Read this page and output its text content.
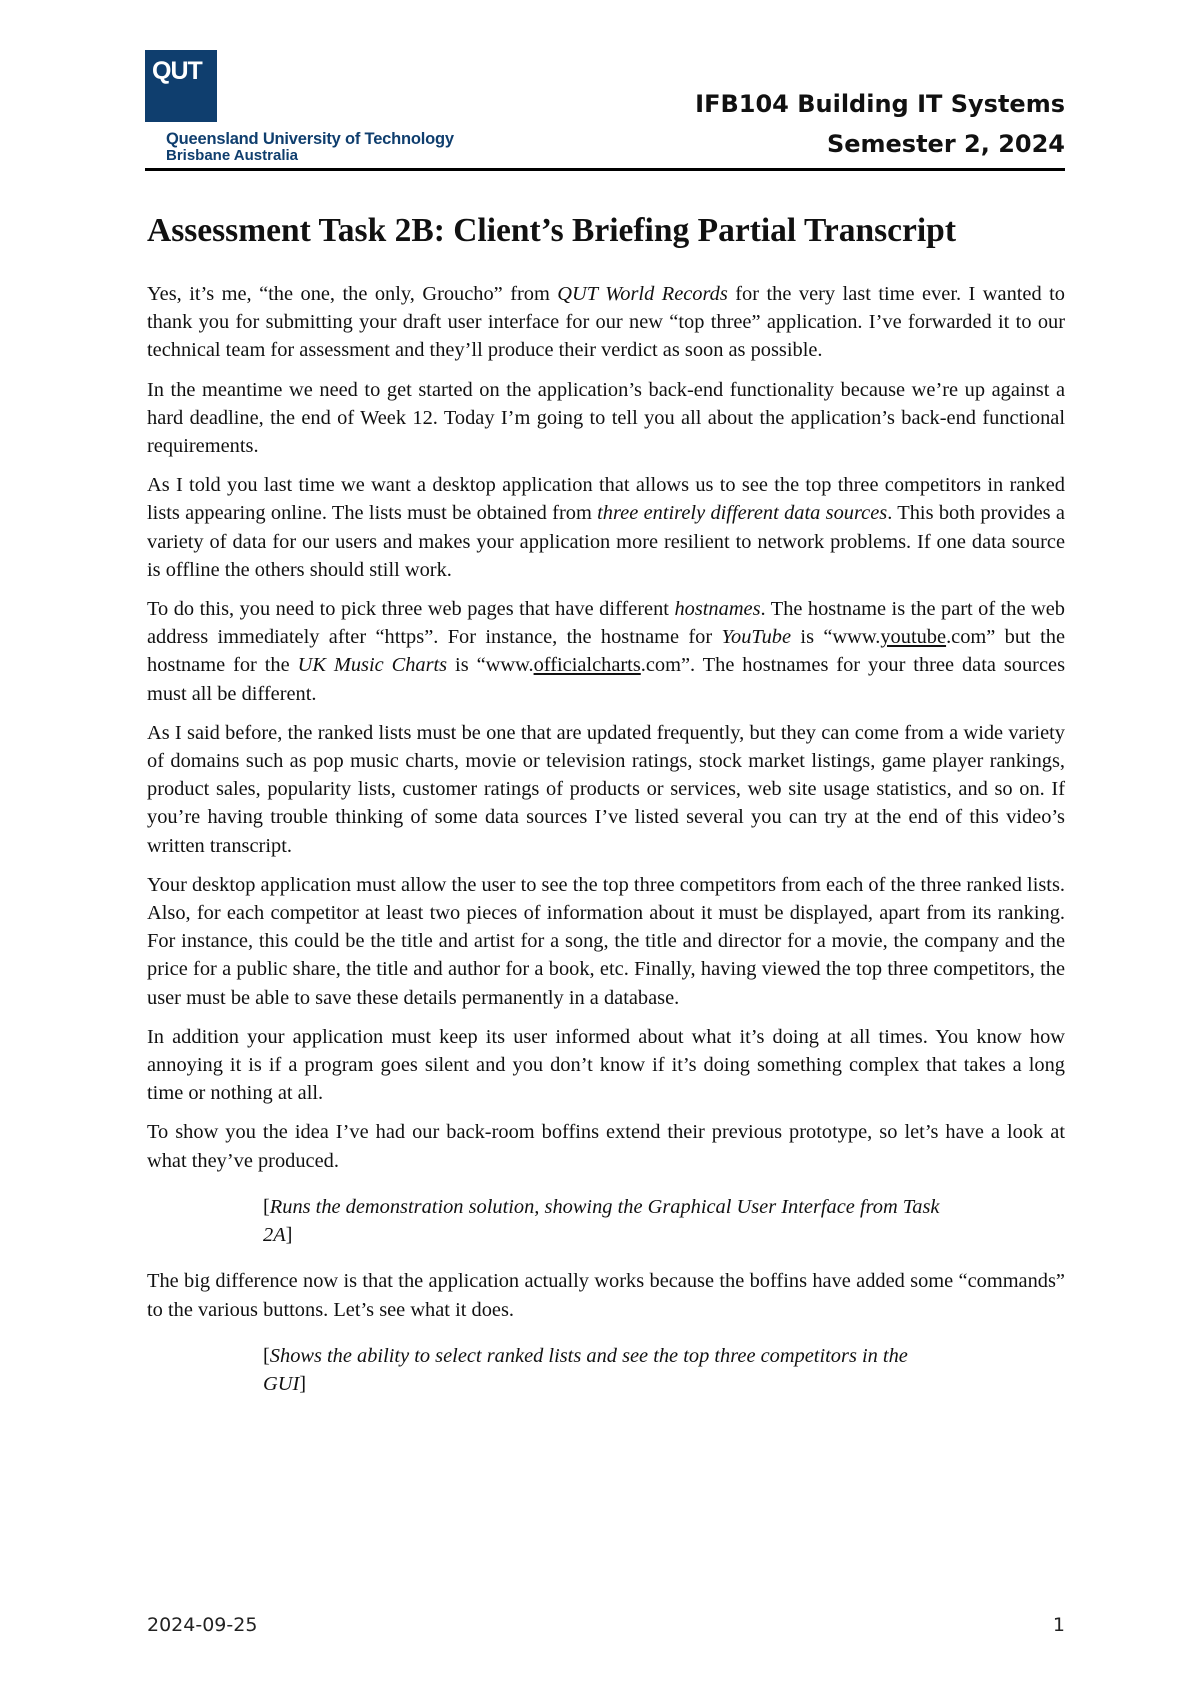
QUT
Queensland University of Technology
Brisbane Australia
IFB104 Building IT Systems
Semester 2, 2024
Assessment Task 2B: Client’s Briefing Partial Transcript

Yes, it’s me, “the one, the only, Groucho” from QUT World Records for the very last time ever. I wanted to thank you for submitting your draft user interface for our new “top three” application. I’ve forwarded it to our technical team for assessment and they’ll produce their verdict as soon as possible.

In the meantime we need to get started on the application’s back-end functionality because we’re up against a hard deadline, the end of Week 12. Today I’m going to tell you all about the application’s back-end functional requirements.

As I told you last time we want a desktop application that allows us to see the top three competitors in ranked lists appearing online. The lists must be obtained from three entirely different data sources. This both provides a variety of data for our users and makes your application more resilient to network problems. If one data source is offline the others should still work.

To do this, you need to pick three web pages that have different hostnames. The hostname is the part of the web address immediately after “https”. For instance, the hostname for YouTube is “www.youtube.com” but the hostname for the UK Music Charts is “www.officialcharts.com”. The hostnames for your three data sources must all be different.

As I said before, the ranked lists must be one that are updated frequently, but they can come from a wide variety of domains such as pop music charts, movie or television ratings, stock market listings, game player rankings, product sales, popularity lists, customer ratings of products or services, web site usage statistics, and so on. If you’re having trouble thinking of some data sources I’ve listed several you can try at the end of this video’s written transcript.

Your desktop application must allow the user to see the top three competitors from each of the three ranked lists. Also, for each competitor at least two pieces of information about it must be displayed, apart from its ranking. For instance, this could be the title and artist for a song, the title and director for a movie, the company and the price for a public share, the title and author for a book, etc. Finally, having viewed the top three competitors, the user must be able to save these details permanently in a database.

In addition your application must keep its user informed about what it’s doing at all times. You know how annoying it is if a program goes silent and you don’t know if it’s doing something complex that takes a long time or nothing at all.

To show you the idea I’ve had our back-room boffins extend their previous prototype, so let’s have a look at what they’ve produced.

[Runs the demonstration solution, showing the Graphical User Interface from Task 2A]

The big difference now is that the application actually works because the boffins have added some “commands” to the various buttons. Let’s see what it does.

[Shows the ability to select ranked lists and see the top three competitors in the GUI]

2024-09-25	1
